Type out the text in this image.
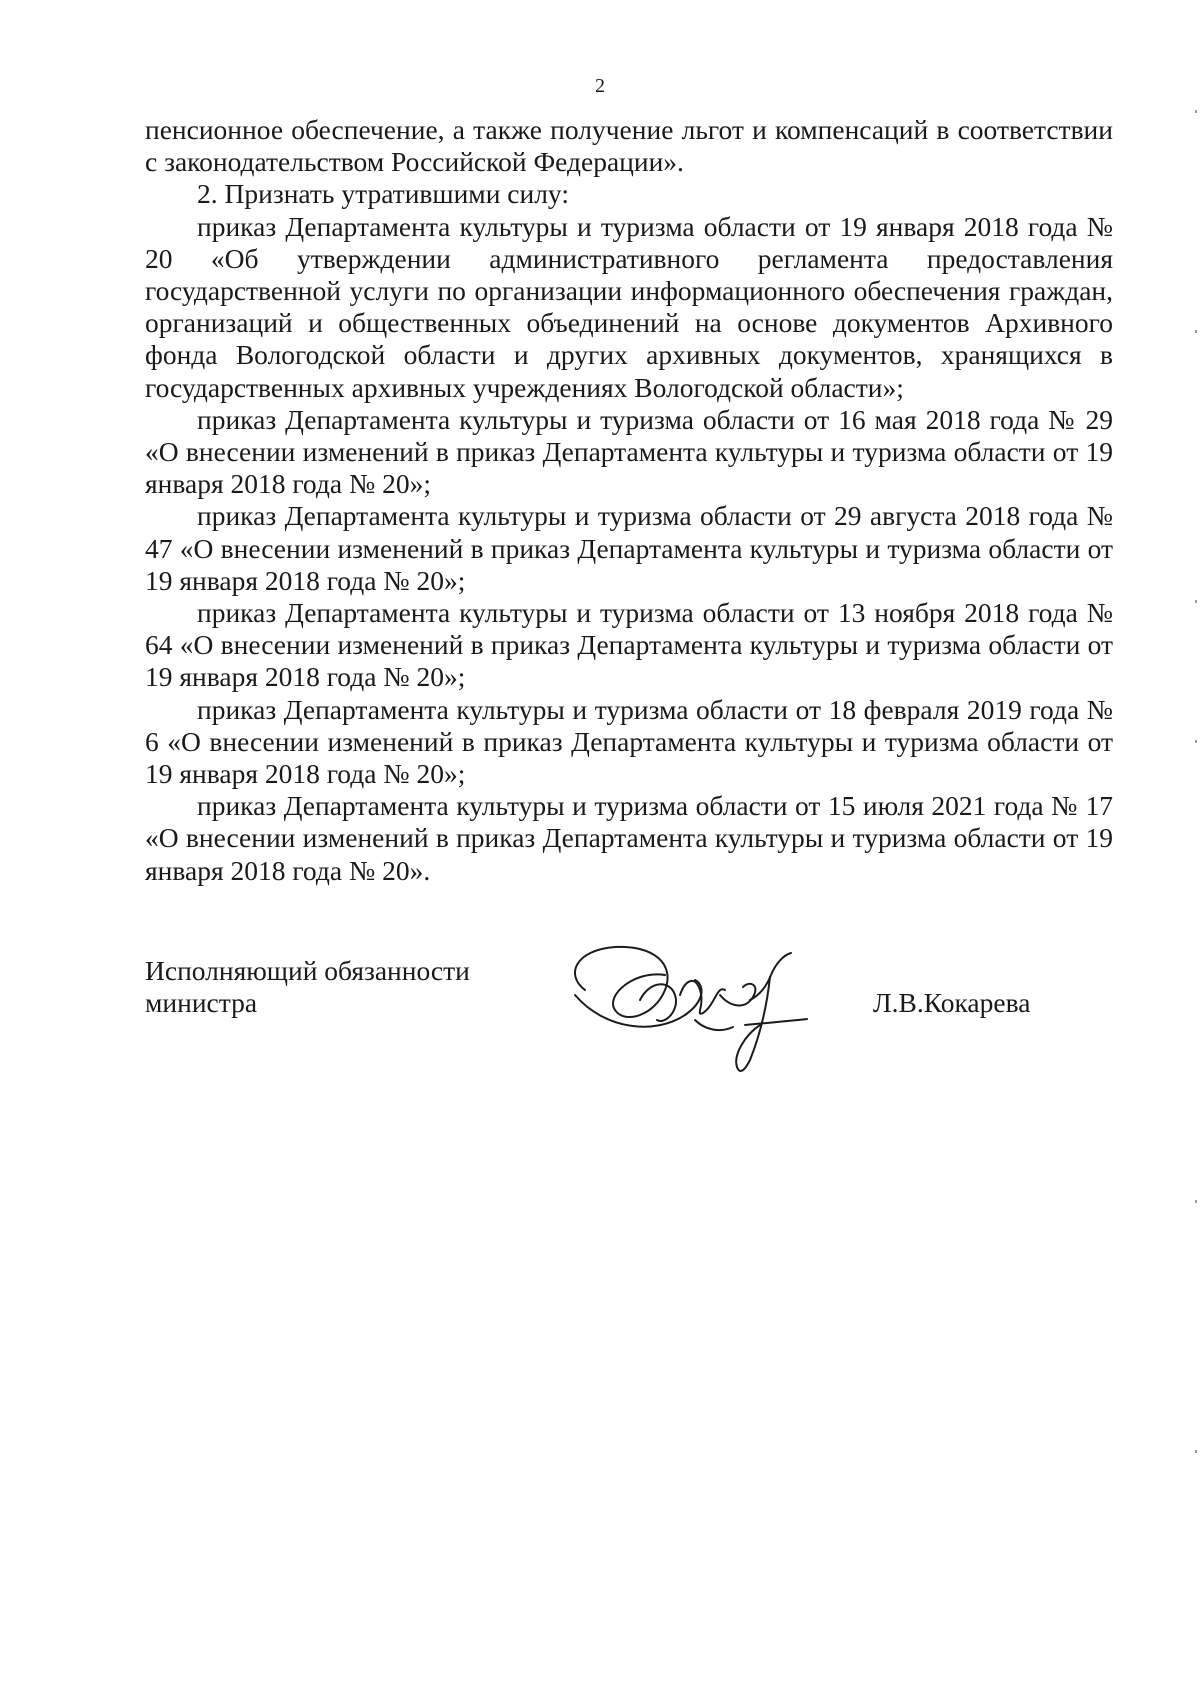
2

пенсионное обеспечение, а также получение льгот и компенсаций в соответствии с законодательством Российской Федерации».

2. Признать утратившими силу:

приказ Департамента культуры и туризма области от 19 января 2018 года № 20 «Об утверждении административного регламента предоставления государственной услуги по организации информационного обеспечения граждан, организаций и общественных объединений на основе документов Архивного фонда Вологодской области и других архивных документов, хранящихся в государственных архивных учреждениях Вологодской области»;

приказ Департамента культуры и туризма области от 16 мая 2018 года № 29 «О внесении изменений в приказ Департамента культуры и туризма области от 19 января 2018 года № 20»;

приказ Департамента культуры и туризма области от 29 августа 2018 года № 47 «О внесении изменений в приказ Департамента культуры и туризма области от 19 января 2018 года № 20»;

приказ Департамента культуры и туризма области от 13 ноября 2018 года № 64 «О внесении изменений в приказ Департамента культуры и туризма области от 19 января 2018 года № 20»;

приказ Департамента культуры и туризма области от 18 февраля 2019 года № 6 «О внесении изменений в приказ Департамента культуры и туризма области от 19 января 2018 года № 20»;

приказ Департамента культуры и туризма области от 15 июля 2021 года № 17 «О внесении изменений в приказ Департамента культуры и туризма области от 19 января 2018 года № 20».

Исполняющий обязанности
министра	Л.В.Кокарева
